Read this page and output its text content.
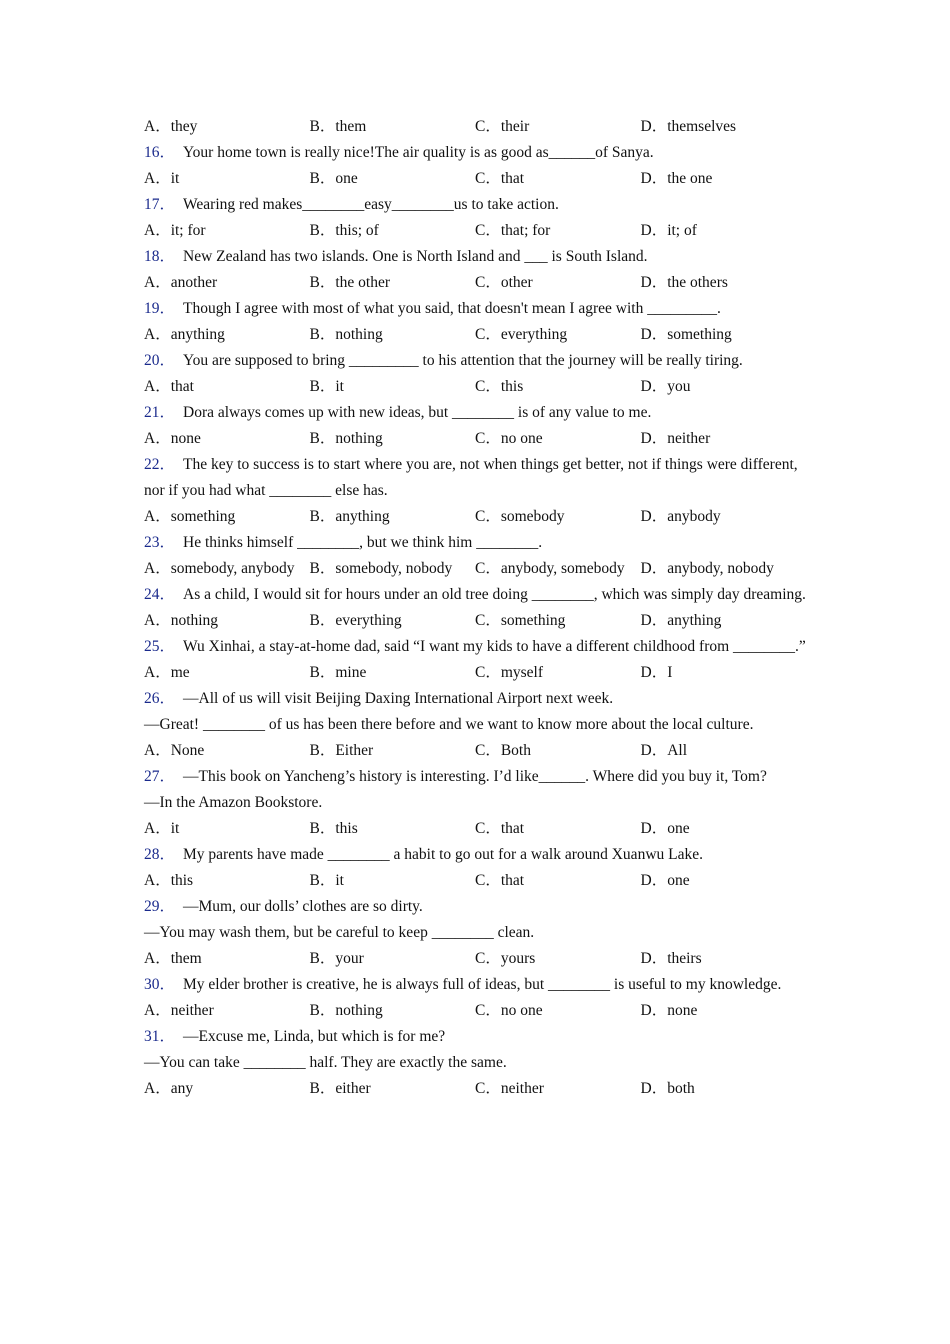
A．they	B．them	C．their	D．themselves
16． Your home town is really nice!The air quality is as good as______of Sanya.
A．it	B．one	C．that	D．the one
17． Wearing red makes________easy________us to take action.
A．it; for	B．this; of	C．that; for	D．it; of
18． New Zealand has two islands. One is North Island and ___ is South Island.
A．another	B．the other	C．other	D．the others
19． Though I agree with most of what you said, that doesn't mean I agree with _________.
A．anything	B．nothing	C．everything	D．something
20． You are supposed to bring _________ to his attention that the journey will be really tiring.
A．that	B．it	C．this	D．you
21． Dora always comes up with new ideas, but ________ is of any value to me.
A．none	B．nothing	C．no one	D．neither
22． The key to success is to start where you are, not when things get better, not if things were different, nor if you had what ________ else has.
A．something	B．anything	C．somebody	D．anybody
23． He thinks himself ________, but we think him ________.
A．somebody, anybody B．somebody, nobody	C．anybody, somebody	D．anybody, nobody
24． As a child, I would sit for hours under an old tree doing ________, which was simply day dreaming.
A．nothing	B．everything	C．something	D．anything
25． Wu Xinhai, a stay-at-home dad, said “I want my kids to have a different childhood from ________.”
A．me	B．mine	C．myself	D．I
26． —All of us will visit Beijing Daxing International Airport next week.
—Great! ________ of us has been there before and we want to know more about the local culture.
A．None	B．Either	C．Both	D．All
27． —This book on Yancheng’s history is interesting. I’d like______. Where did you buy it, Tom?
—In the Amazon Bookstore.
A．it	B．this	C．that	D．one
28． My parents have made ________ a habit to go out for a walk around Xuanwu Lake.
A．this	B．it	C．that	D．one
29． —Mum, our dolls’ clothes are so dirty.
—You may wash them, but be careful to keep ________ clean.
A．them	B．your	C．yours	D．theirs
30． My elder brother is creative, he is always full of ideas, but ________ is useful to my knowledge.
A．neither	B．nothing	C．no one	D．none
31． —Excuse me, Linda, but which is for me?
—You can take ________ half. They are exactly the same.
A．any	B．either	C．neither	D．both
